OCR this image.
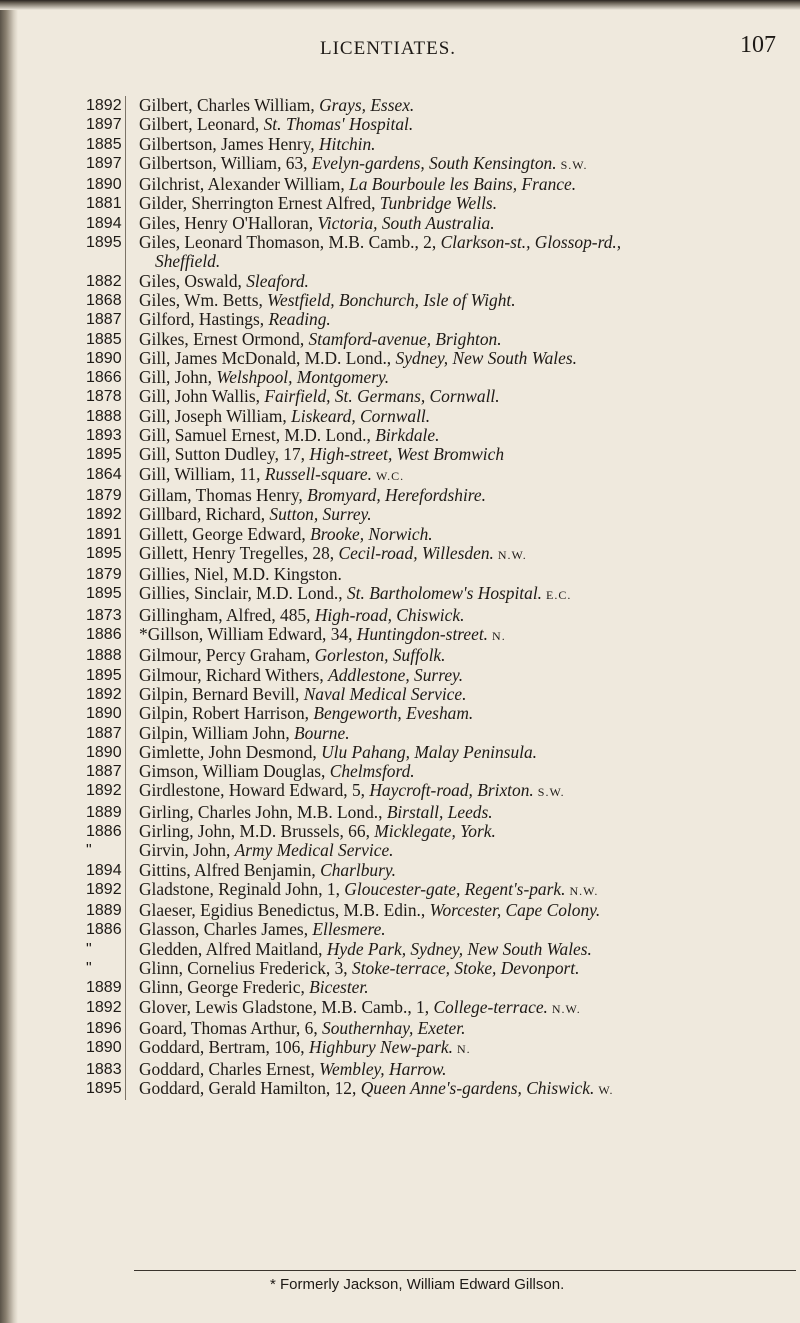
LICENTIATES.	107
1892	Gilbert, Charles William, Grays, Essex.
1897	Gilbert, Leonard, St. Thomas' Hospital.
1885	Gilbertson, James Henry, Hitchin.
1897	Gilbertson, William, 63, Evelyn-gardens, South Kensington. S.W.
1890	Gilchrist, Alexander William, La Bourboule les Bains, France.
1881	Gilder, Sherrington Ernest Alfred, Tunbridge Wells.
1894	Giles, Henry O'Halloran, Victoria, South Australia.
1895	Giles, Leonard Thomason, M.B. Camb., 2, Clarkson-st., Glossop-rd.,
Sheffield.
1882	Giles, Oswald, Sleaford.
1868	Giles, Wm. Betts, Westfield, Bonchurch, Isle of Wight.
1887	Gilford, Hastings, Reading.
1885	Gilkes, Ernest Ormond, Stamford-avenue, Brighton.
1890	Gill, James McDonald, M.D. Lond., Sydney, New South Wales.
1866	Gill, John, Welshpool, Montgomery.
1878	Gill, John Wallis, Fairfield, St. Germans, Cornwall.
1888	Gill, Joseph William, Liskeard, Cornwall.
1893	Gill, Samuel Ernest, M.D. Lond., Birkdale.
1895	Gill, Sutton Dudley, 17, High-street, West Bromwich
1864	Gill, William, 11, Russell-square. W.C.
1879	Gillam, Thomas Henry, Bromyard, Herefordshire.
1892	Gillbard, Richard, Sutton, Surrey.
1891	Gillett, George Edward, Brooke, Norwich.
1895	Gillett, Henry Tregelles, 28, Cecil-road, Willesden. N.W.
1879	Gillies, Niel, M.D. Kingston.
1895	Gillies, Sinclair, M.D. Lond., St. Bartholomew's Hospital. E.C.
1873	Gillingham, Alfred, 485, High-road, Chiswick.
1886	*Gillson, William Edward, 34, Huntingdon-street. N.
1888	Gilmour, Percy Graham, Gorleston, Suffolk.
1895	Gilmour, Richard Withers, Addlestone, Surrey.
1892	Gilpin, Bernard Bevill, Naval Medical Service.
1890	Gilpin, Robert Harrison, Bengeworth, Evesham.
1887	Gilpin, William John, Bourne.
1890	Gimlette, John Desmond, Ulu Pahang, Malay Peninsula.
1887	Gimson, William Douglas, Chelmsford.
1892	Girdlestone, Howard Edward, 5, Haycroft-road, Brixton. S.W.
1889	Girling, Charles John, M.B. Lond., Birstall, Leeds.
1886	Girling, John, M.D. Brussels, 66, Micklegate, York.
"	Girvin, John, Army Medical Service.
1894	Gittins, Alfred Benjamin, Charlbury.
1892	Gladstone, Reginald John, 1, Gloucester-gate, Regent's-park. N.W.
1889	Glaeser, Egidius Benedictus, M.B. Edin., Worcester, Cape Colony.
1886	Glasson, Charles James, Ellesmere.
"	Gledden, Alfred Maitland, Hyde Park, Sydney, New South Wales.
"	Glinn, Cornelius Frederick, 3, Stoke-terrace, Stoke, Devonport.
1889	Glinn, George Frederic, Bicester.
1892	Glover, Lewis Gladstone, M.B. Camb., 1, College-terrace. N.W.
1896	Goard, Thomas Arthur, 6, Southernhay, Exeter.
1890	Goddard, Bertram, 106, Highbury New-park. N.
1883	Goddard, Charles Ernest, Wembley, Harrow.
1895	Goddard, Gerald Hamilton, 12, Queen Anne's-gardens, Chiswick. W.
* Formerly Jackson, William Edward Gillson.
